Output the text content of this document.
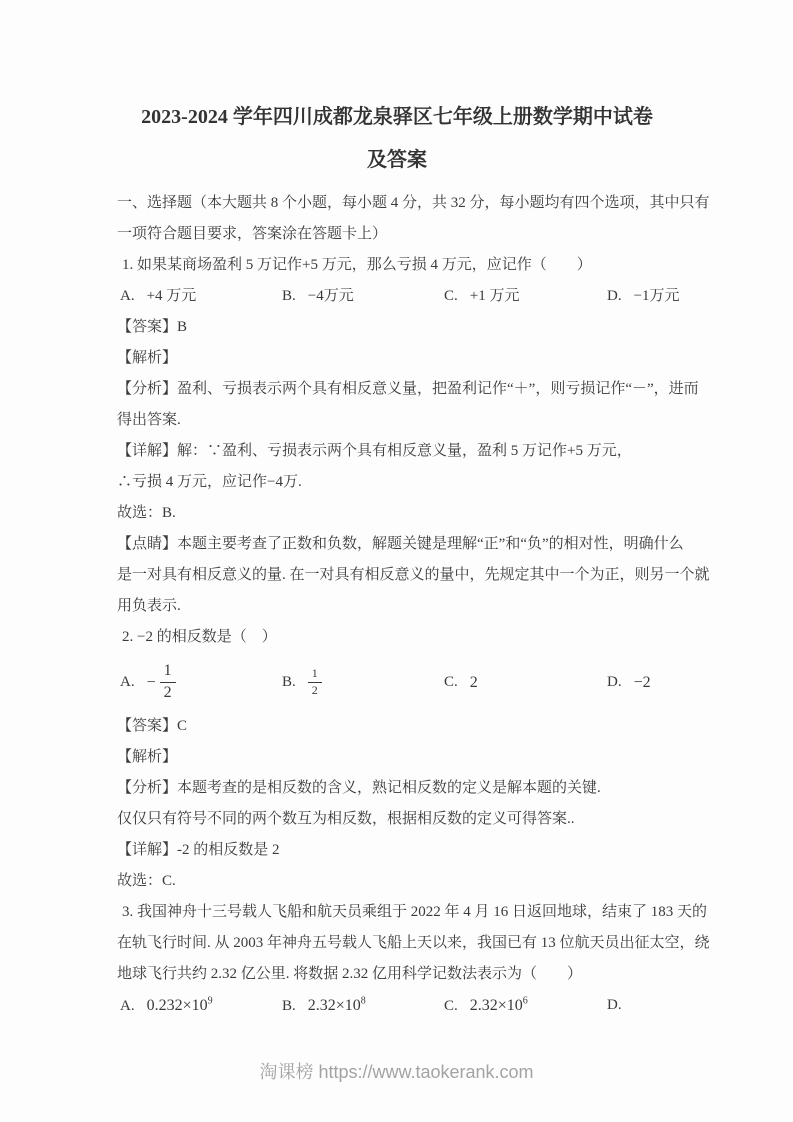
2023-2024 学年四川成都龙泉驿区七年级上册数学期中试卷
及答案
一、选择题（本大题共 8 个小题，每小题 4 分，共 32 分，每小题均有四个选项，其中只有
一项符合题目要求，答案涂在答题卡上）
1. 如果某商场盈利 5 万记作+5 万元，那么亏损 4 万元，应记作（　　）
A. +4 万元	B. −4万元	C. +1 万元	D. −1万元
【答案】B
【解析】
【分析】盈利、亏损表示两个具有相反意义量，把盈利记作“＋”，则亏损记作“－”，进而
得出答案.
【详解】解：∵盈利、亏损表示两个具有相反意义量，盈利 5 万记作+5 万元，
∴亏损 4 万元，应记作−4万.
故选：B.
【点睛】本题主要考查了正数和负数，解题关键是理解“正”和“负”的相对性，明确什么
是一对具有相反意义的量. 在一对具有相反意义的量中，先规定其中一个为正，则另一个就
用负表示.
2. −2 的相反数是（　）
A. − $\frac{1}{2}$	B. $\frac{1}{2}$	C. 2	D. −2
【答案】C
【解析】
【分析】本题考查的是相反数的含义，熟记相反数的定义是解本题的关键.
仅仅只有符号不同的两个数互为相反数，根据相反数的定义可得答案..
【详解】-2 的相反数是 2
故选：C.
3. 我国神舟十三号载人飞船和航天员乘组于 2022 年 4 月 16 日返回地球，结束了 183 天的
在轨飞行时间. 从 2003 年神舟五号载人飞船上天以来，我国已有 13 位航天员出征太空，绕
地球飞行共约 2.32 亿公里. 将数据 2.32 亿用科学记数法表示为（　　）
A. $0.232\times 10^9$	B. $2.32\times 10^8$	C. $2.32\times 10^6$	D.
淘课榜 https://www.taokerank.com
